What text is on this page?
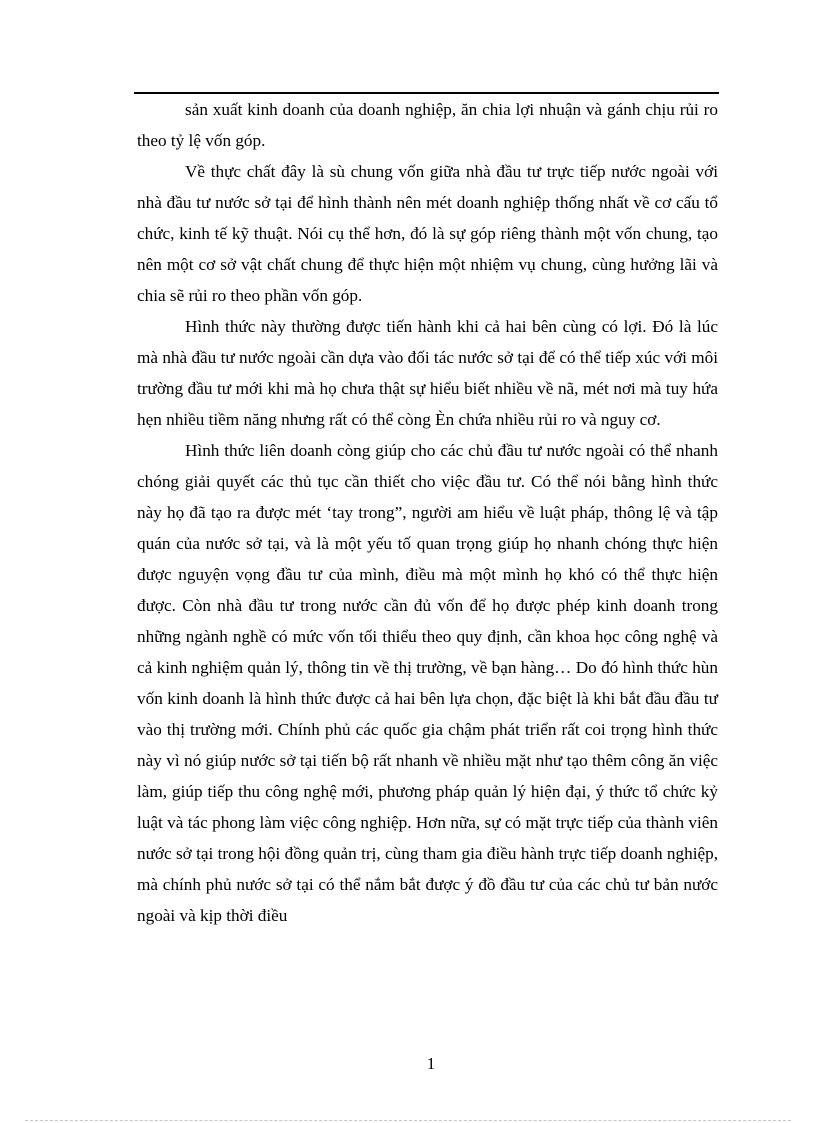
sản xuất kinh doanh của doanh nghiệp, ăn chia lợi nhuận và gánh chịu rủi ro theo tỷ lệ vốn góp.

Về thực chất đây là sù chung vốn giữa nhà đầu tư trực tiếp nước ngoài với nhà đầu tư nước sở tại để hình thành nên mét doanh nghiệp thống nhất về cơ cấu tổ chức, kinh tế kỹ thuật. Nói cụ thể hơn, đó là sự góp riêng thành một vốn chung, tạo nên một cơ sở vật chất chung để thực hiện một nhiệm vụ chung, cùng hưởng lãi và chia sẽ rủi ro theo phần vốn góp.

Hình thức này thường được tiến hành khi cả hai bên cùng có lợi. Đó là lúc mà nhà đầu tư nước ngoài cần dựa vào đối tác nước sở tại để có thể tiếp xúc với môi trường đầu tư mới khi mà họ chưa thật sự hiểu biết nhiều về nã, mét nơi mà tuy hứa hẹn nhiều tiềm năng nhưng rất có thể còng Èn chứa nhiều rủi ro và nguy cơ.

Hình thức liên doanh còng giúp cho các chủ đầu tư nước ngoài có thể nhanh chóng giải quyết các thủ tục cần thiết cho việc đầu tư. Có thể nói bằng hình thức này họ đã tạo ra được mét ‘tay trong”, người am hiểu về luật pháp, thông lệ và tập quán của nước sở tại, và là một yếu tố quan trọng giúp họ nhanh chóng thực hiện được nguyện vọng đầu tư của mình, điều mà một mình họ khó có thể thực hiện được. Còn nhà đầu tư trong nước cần đủ vốn để họ được phép kinh doanh trong những ngành nghề có mức vốn tối thiểu theo quy định, cần khoa học công nghệ và cả kinh nghiệm quản lý, thông tin về thị trường, về bạn hàng… Do đó hình thức hùn vốn kinh doanh là hình thức được cả hai bên lựa chọn, đặc biệt là khi bắt đầu đầu tư vào thị trường mới. Chính phủ các quốc gia chậm phát triển rất coi trọng hình thức này vì nó giúp nước sở tại tiến bộ rất nhanh về nhiều mặt như tạo thêm công ăn việc làm, giúp tiếp thu công nghệ mới, phương pháp quản lý hiện đại, ý thức tổ chức kỷ luật và tác phong làm việc công nghiệp. Hơn nữa, sự có mặt trực tiếp của thành viên nước sở tại trong hội đồng quản trị, cùng tham gia điều hành trực tiếp doanh nghiệp, mà chính phủ nước sở tại có thể nắm bắt được ý đồ đầu tư của các chủ tư bản nước ngoài và kịp thời điều

1
